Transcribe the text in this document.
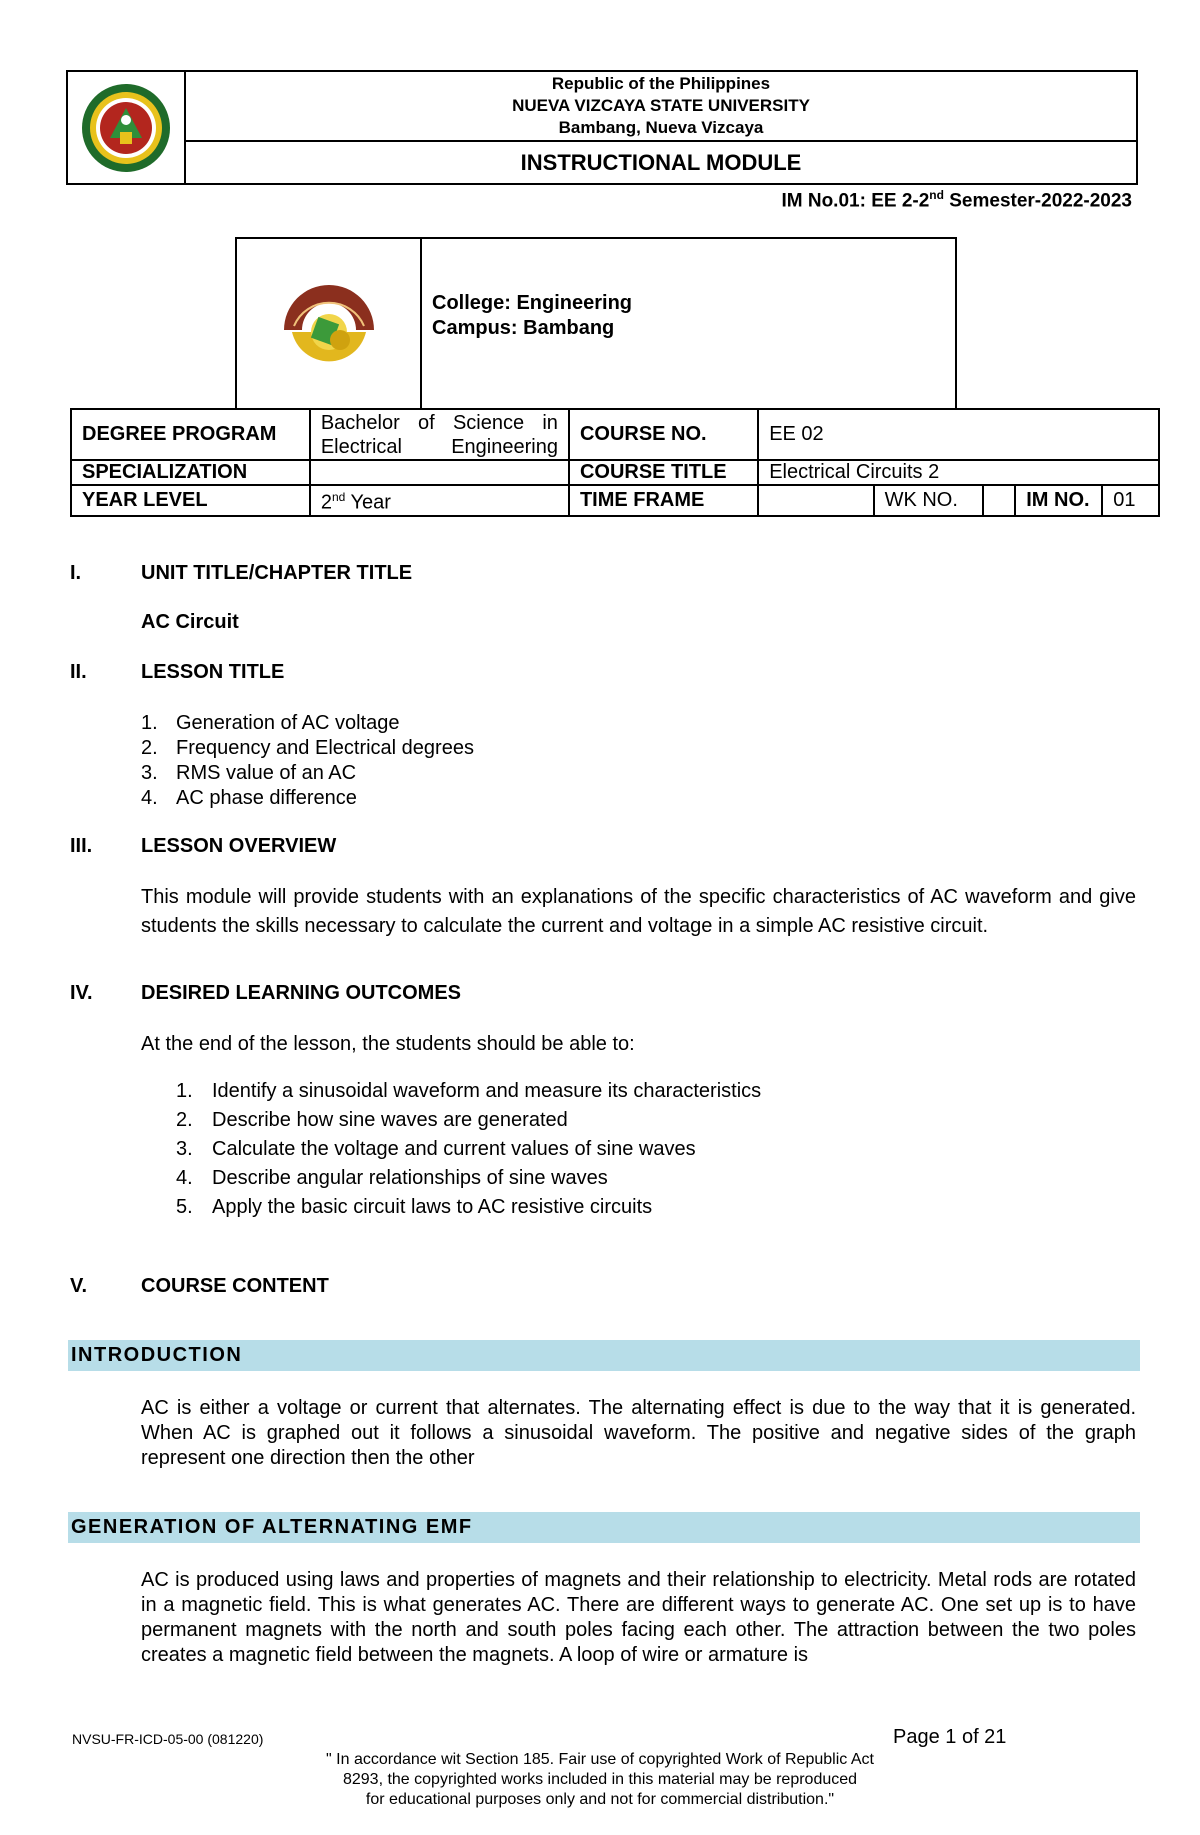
Republic of the Philippines
NUEVA VIZCAYA STATE UNIVERSITY
Bambang, Nueva Vizcaya
INSTRUCTIONAL MODULE
IM No.01: EE 2-2nd Semester-2022-2023
College: Engineering
Campus: Bambang
DEGREE PROGRAM	Bachelor of Science in Electrical Engineering	COURSE NO.	EE 02				
SPECIALIZATION		COURSE TITLE	Electrical Circuits 2				
YEAR LEVEL	2nd Year	TIME FRAME		WK NO.		IM NO.	01
I.	UNIT TITLE/CHAPTER TITLE
AC Circuit
II.	LESSON TITLE
1. Generation of AC voltage
2. Frequency and Electrical degrees
3. RMS value of an AC
4. AC phase difference
III. LESSON OVERVIEW
This module will provide students with an explanations of the specific characteristics of AC waveform and give students the skills necessary to calculate the current and voltage in a simple AC resistive circuit.
IV. DESIRED LEARNING OUTCOMES
At the end of the lesson, the students should be able to:
1. Identify a sinusoidal waveform and measure its characteristics
2. Describe how sine waves are generated
3. Calculate the voltage and current values of sine waves
4. Describe angular relationships of sine waves
5. Apply the basic circuit laws to AC resistive circuits
V.	COURSE CONTENT
INTRODUCTION
AC is either a voltage or current that alternates. The alternating effect is due to the way that it is generated. When AC is graphed out it follows a sinusoidal waveform. The positive and negative sides of the graph represent one direction then the other
GENERATION OF ALTERNATING EMF
AC is produced using laws and properties of magnets and their relationship to electricity. Metal rods are rotated in a magnetic field. This is what generates AC. There are different ways to generate AC. One set up is to have permanent magnets with the north and south poles facing each other. The attraction between the two poles creates a magnetic field between the magnets. A loop of wire or armature is
NVSU-FR-ICD-05-00 (081220)	Page 1 of 21
" In accordance wit Section 185. Fair use of copyrighted Work of Republic Act
8293, the copyrighted works included in this material may be reproduced
for educational purposes only and not for commercial distribution."
